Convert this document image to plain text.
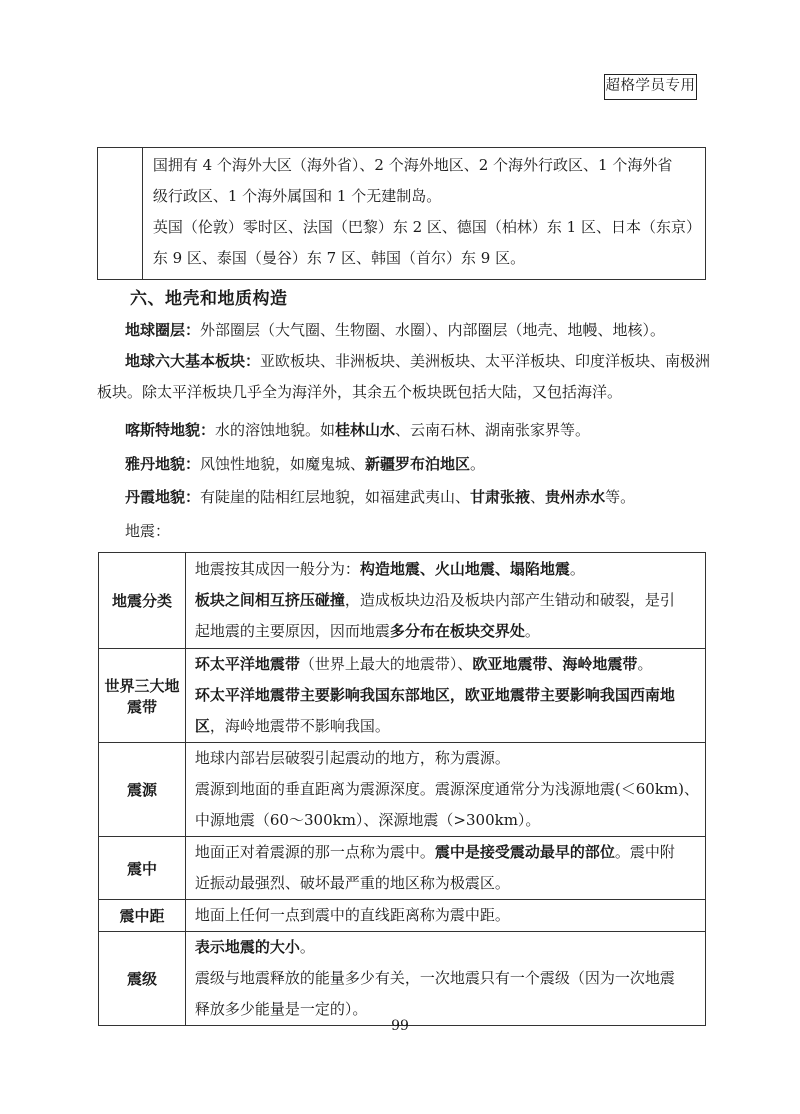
超格学员专用

国拥有 4 个海外大区（海外省）、2 个海外地区、2 个海外行政区、1 个海外省
级行政区、1 个海外属国和 1 个无建制岛。
英国（伦敦）零时区、法国（巴黎）东 2 区、德国（柏林）东 1 区、日本（东京）
东 9 区、泰国（曼谷）东 7 区、韩国（首尔）东 9 区。
六、地壳和地质构造
地球圈层：外部圈层（大气圈、生物圈、水圈）、内部圈层（地壳、地幔、地核）。
地球六大基本板块：亚欧板块、非洲板块、美洲板块、太平洋板块、印度洋板块、南极洲
板块。除太平洋板块几乎全为海洋外，其余五个板块既包括大陆，又包括海洋。
喀斯特地貌：水的溶蚀地貌。如桂林山水、云南石林、湖南张家界等。
雅丹地貌：风蚀性地貌，如魔鬼城、新疆罗布泊地区。
丹霞地貌：有陡崖的陆相红层地貌，如福建武夷山、甘肃张掖、贵州赤水等。
地震：
地震分类	地震按其成因一般分为：构造地震、火山地震、塌陷地震。
板块之间相互挤压碰撞，造成板块边沿及板块内部产生错动和破裂，是引
起地震的主要原因，因而地震多分布在板块交界处。

世界三大地震带	环太平洋地震带（世界上最大的地震带）、欧亚地震带、海岭地震带。
环太平洋地震带主要影响我国东部地区，欧亚地震带主要影响我国西南地
区，海岭地震带不影响我国。

震源	地球内部岩层破裂引起震动的地方，称为震源。
震源到地面的垂直距离为震源深度。震源深度通常分为浅源地震(＜60km)、
中源地震（60～300km）、深源地震（>300km）。

震中	地面正对着震源的那一点称为震中。震中是接受震动最早的部位。震中附
近振动最强烈、破坏最严重的地区称为极震区。

震中距	地面上任何一点到震中的直线距离称为震中距。

震级	表示地震的大小。
震级与地震释放的能量多少有关，一次地震只有一个震级（因为一次地震
释放多少能量是一定的）。
99
